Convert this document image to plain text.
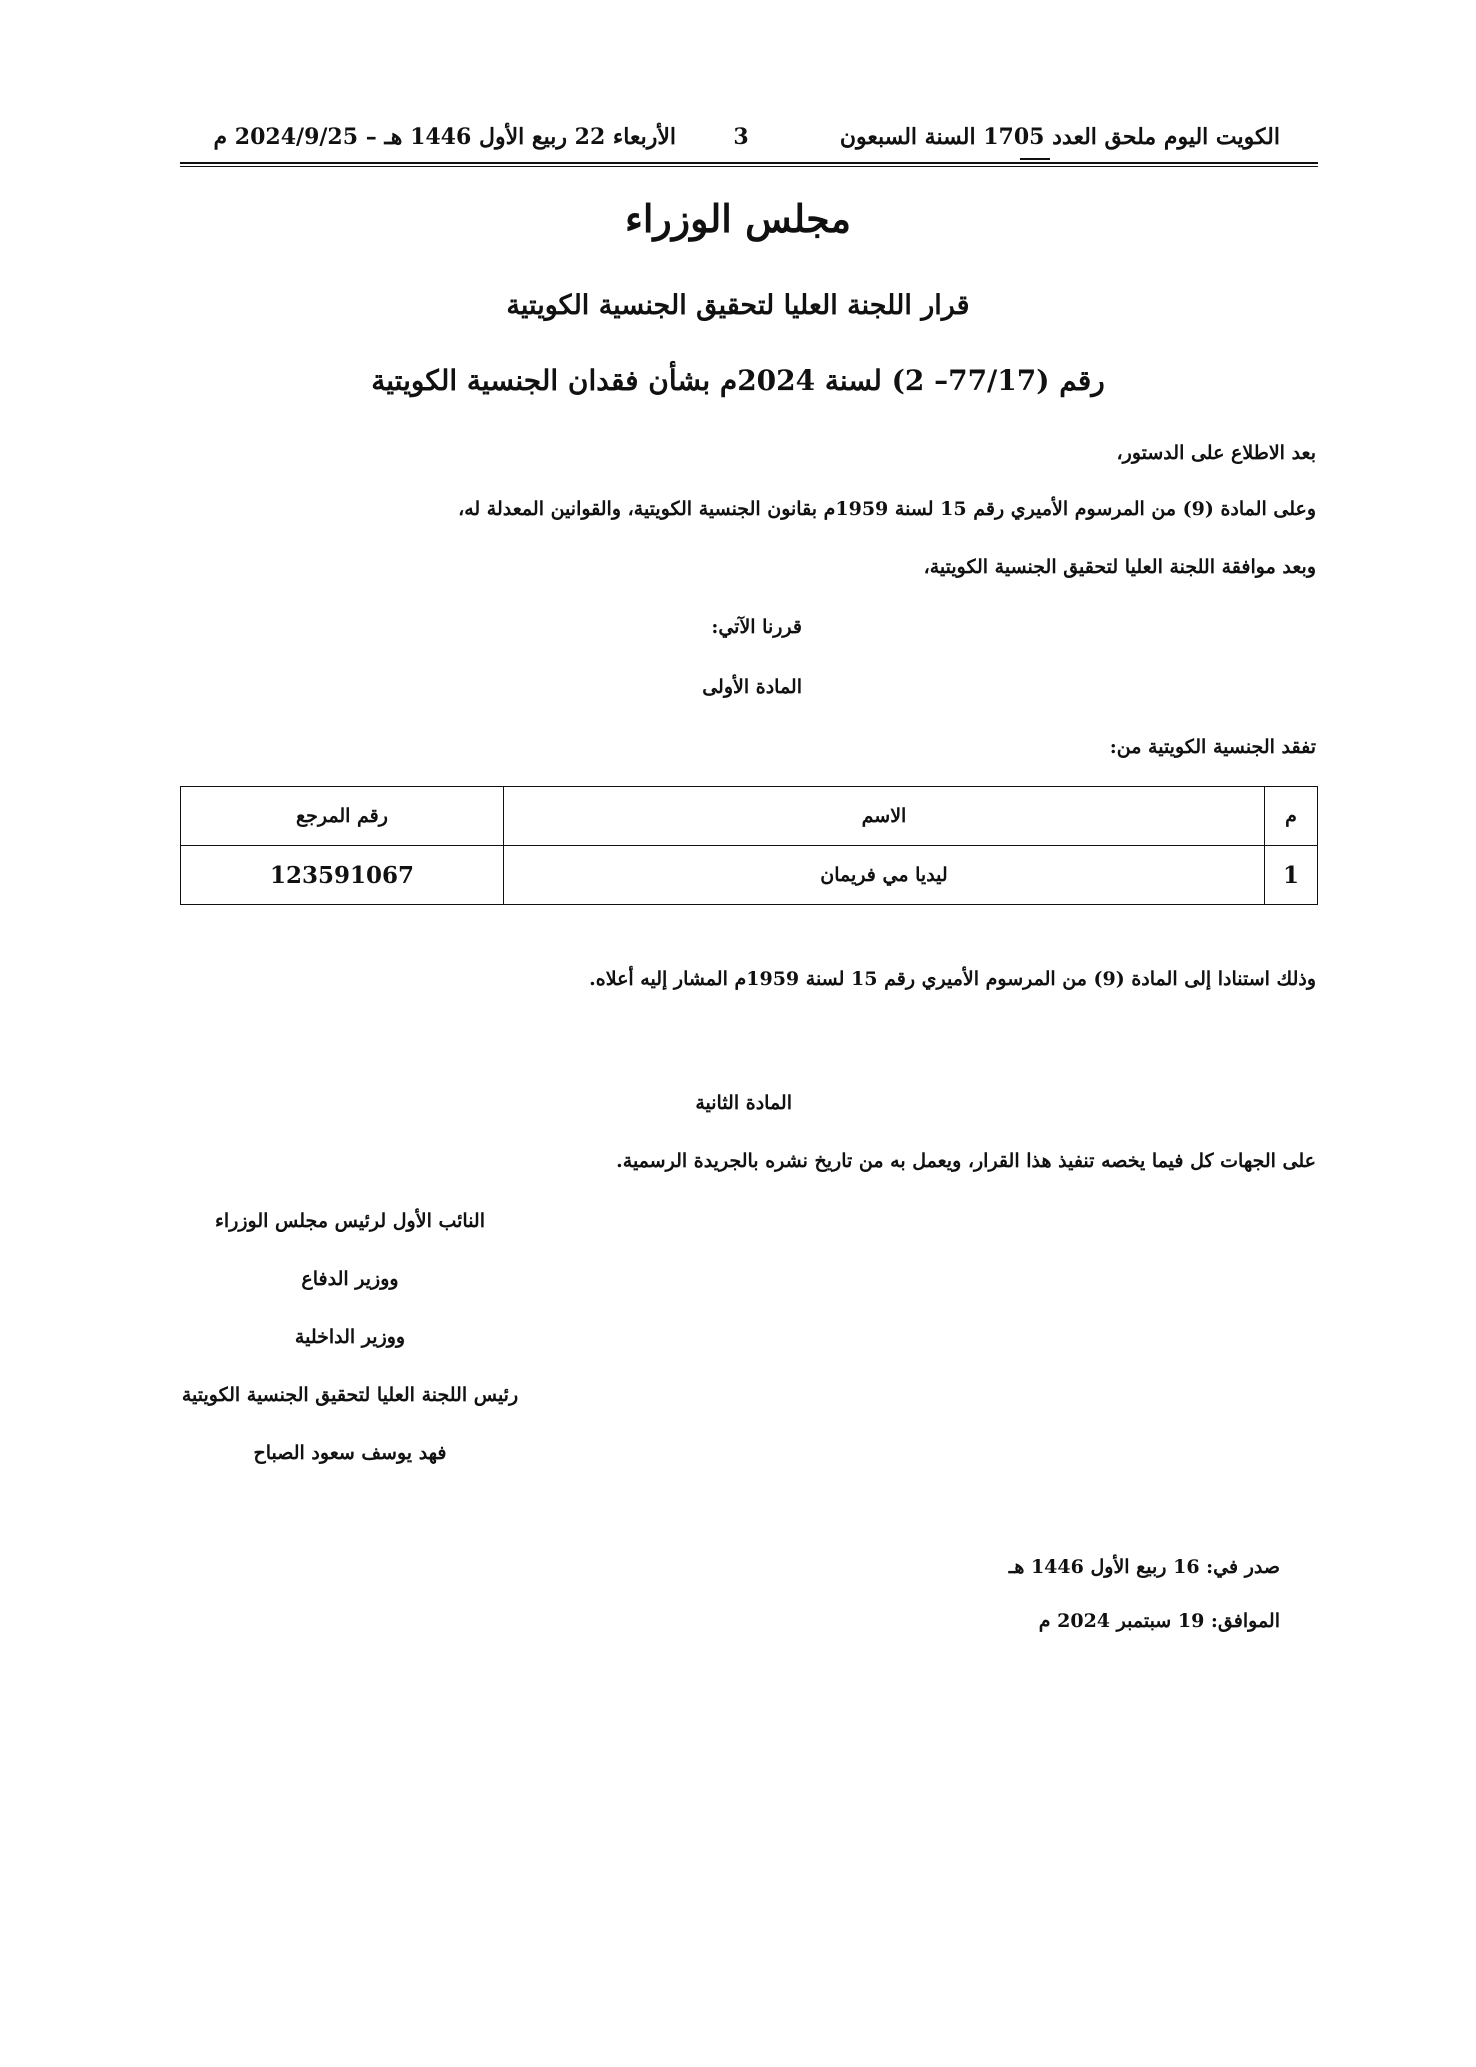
الكويت اليوم ملحق العدد 1705 السنة السبعون
3
الأربعاء 22 ربيع الأول 1446 هـ – 2024/9/25 م
مجلس الوزراء
قرار اللجنة العليا لتحقيق الجنسية الكويتية
رقم (77/17– 2) لسنة 2024م بشأن فقدان الجنسية الكويتية
بعد الاطلاع على الدستور،
وعلى المادة (9) من المرسوم الأميري رقم 15 لسنة 1959م بقانون الجنسية الكويتية، والقوانين المعدلة له،
وبعد موافقة اللجنة العليا لتحقيق الجنسية الكويتية،
قررنا الآتي:
المادة الأولى
تفقد الجنسية الكويتية من:
م	الاسم	رقم المرجع
1	ليديا مي فريمان	123591067
وذلك استنادا إلى المادة (9) من المرسوم الأميري رقم 15 لسنة 1959م المشار إليه أعلاه.
المادة الثانية
على الجهات كل فيما يخصه تنفيذ هذا القرار، ويعمل به من تاريخ نشره بالجريدة الرسمية.
النائب الأول لرئيس مجلس الوزراء
ووزير الدفاع
ووزير الداخلية
رئيس اللجنة العليا لتحقيق الجنسية الكويتية
فهد يوسف سعود الصباح
صدر في: 16 ربيع الأول 1446 هـ
الموافق: 19 سبتمبر 2024 م
